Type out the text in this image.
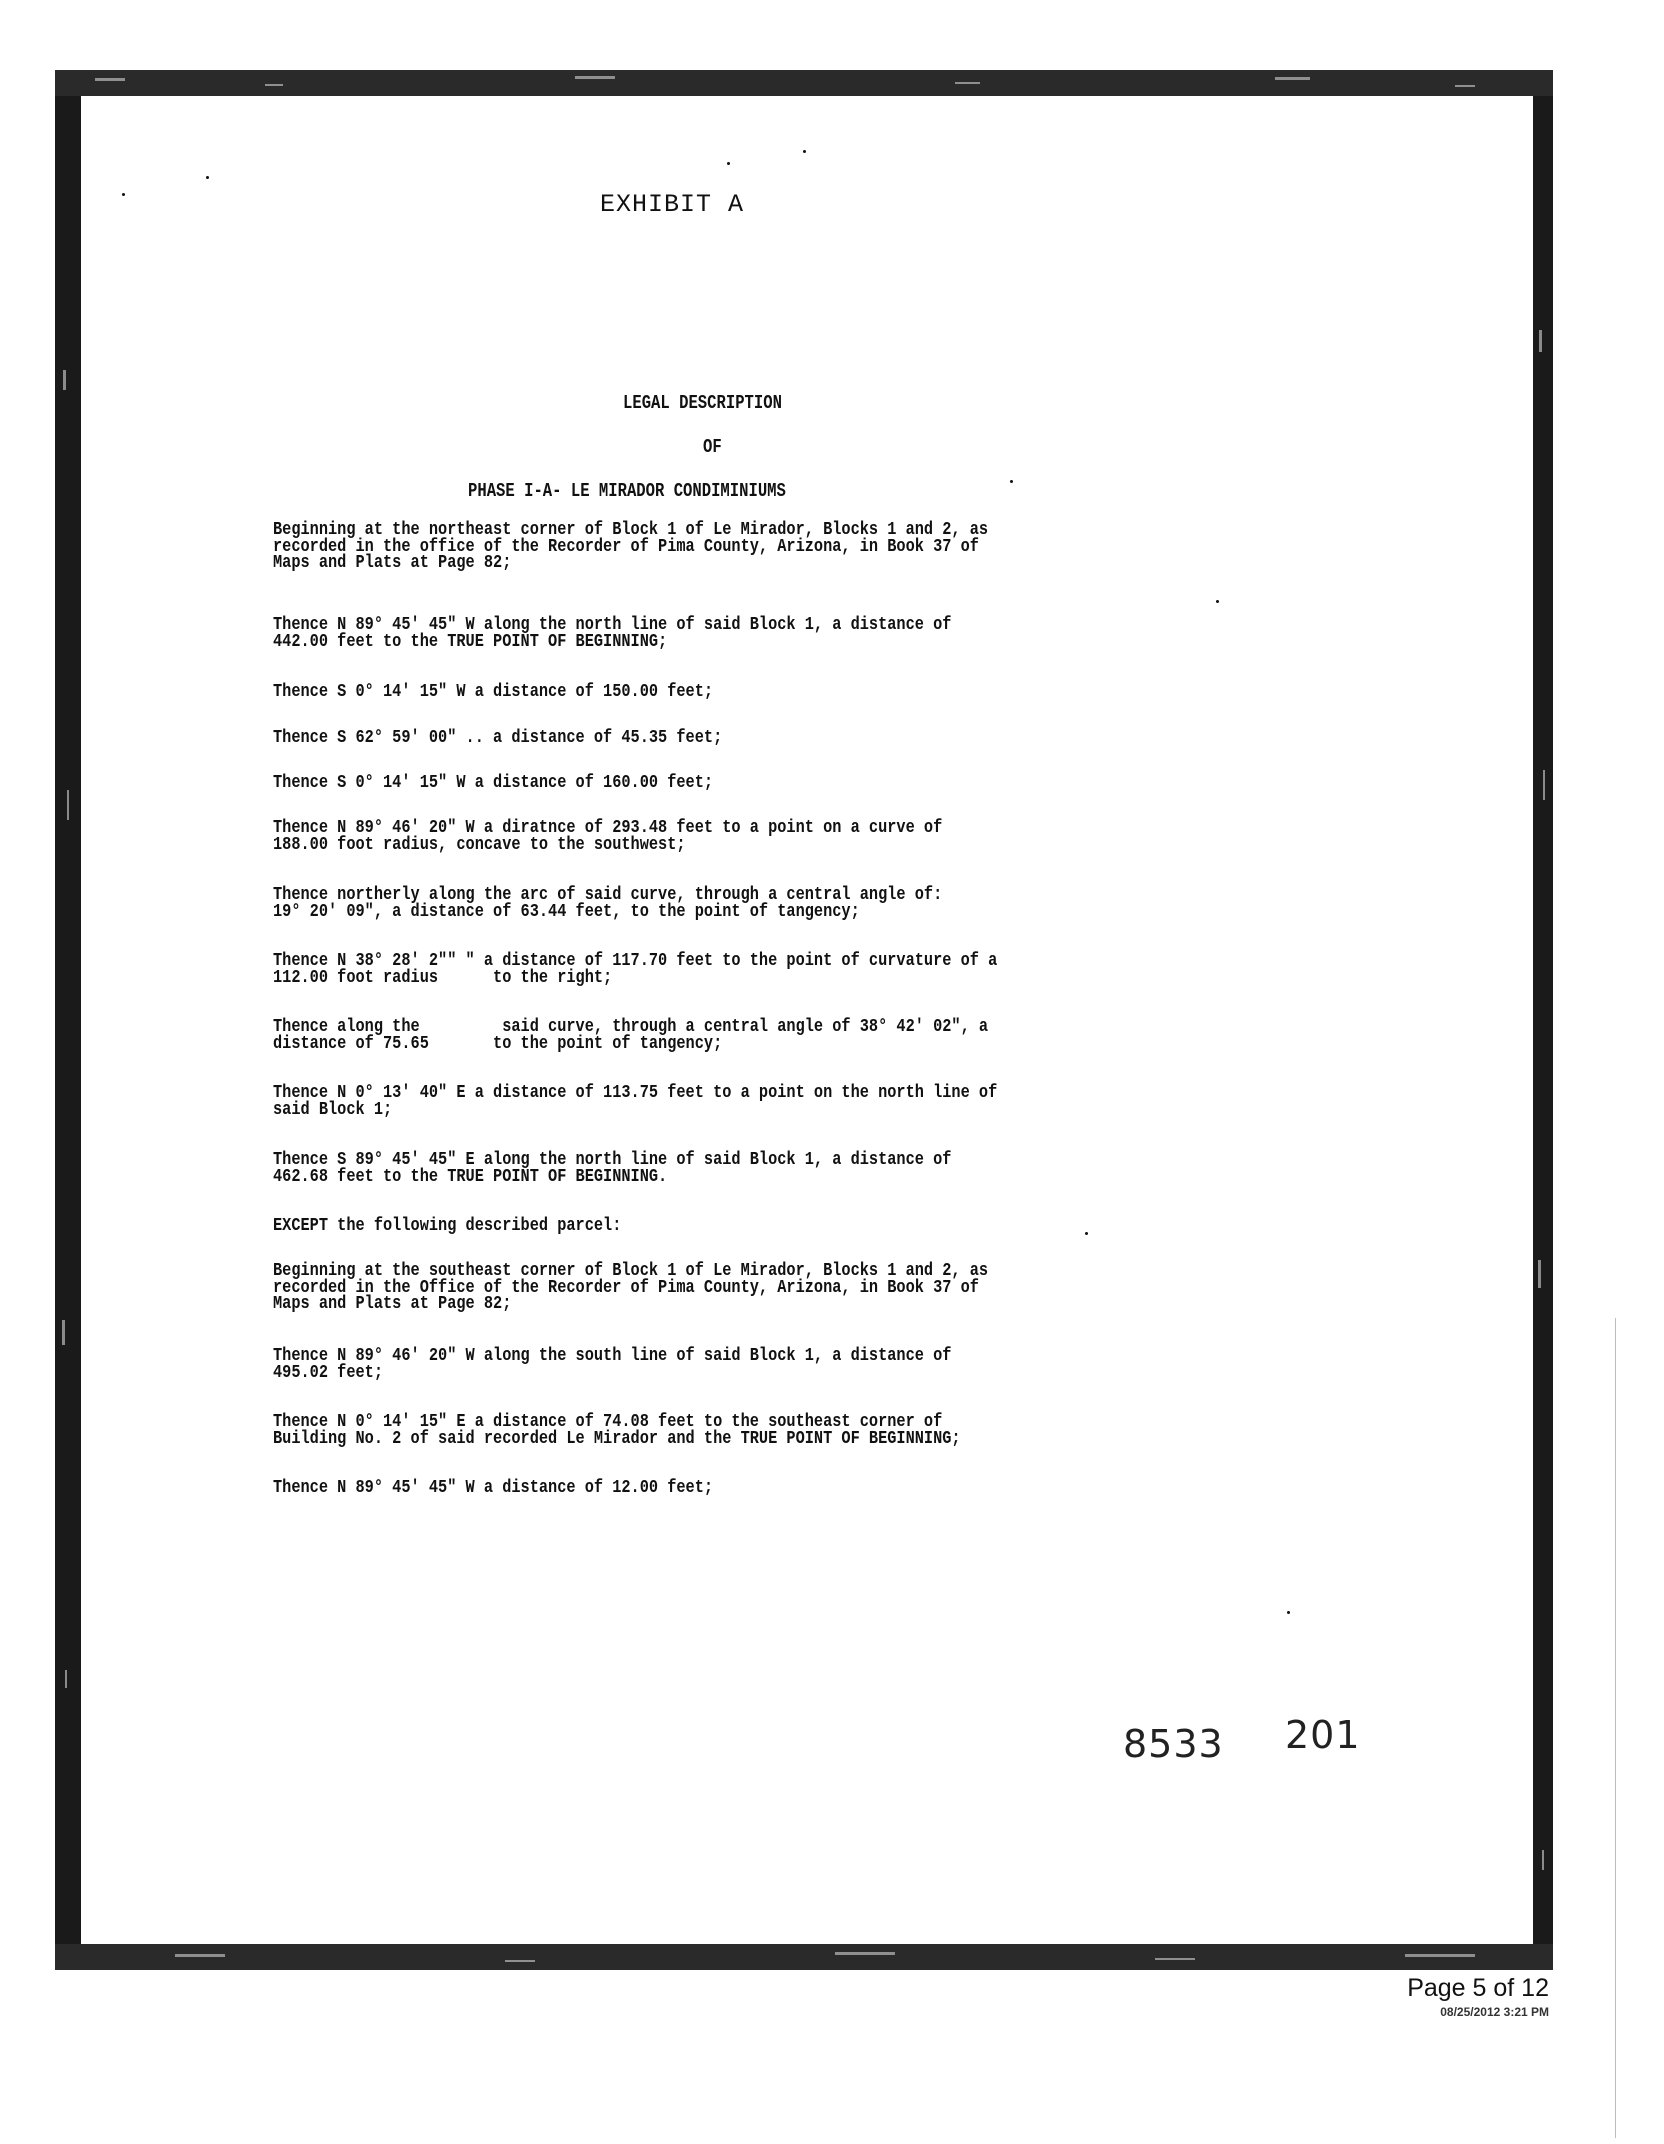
EXHIBIT A
LEGAL DESCRIPTION
OF
PHASE I-A- LE MIRADOR CONDIMINIUMS

Beginning at the northeast corner of Block 1 of Le Mirador, Blocks 1 and 2, as
recorded in the office of the Recorder of Pima County, Arizona, in Book 37 of
Maps and Plats at Page 82;

Thence N 89° 45' 45" W along the north line of said Block 1, a distance of
442.00 feet to the TRUE POINT OF BEGINNING;

Thence S 0° 14' 15" W a distance of 150.00 feet;

Thence S 62° 59' 00" .. a distance of 45.35 feet;

Thence S 0° 14' 15" W a distance of 160.00 feet;

Thence N 89° 46' 20" W a diratnce of 293.48 feet to a point on a curve of
188.00 foot radius, concave to the southwest;

Thence northerly along the arc of said curve, through a central angle of:
19° 20' 09", a distance of 63.44 feet, to the point of tangency;

Thence N 38° 28' 2"" " a distance of 117.70 feet to the point of curvature of a
112.00 foot radius      to the right;

Thence along the         said curve, through a central angle of 38° 42' 02", a
distance of 75.65       to the point of tangency;

Thence N 0° 13' 40" E a distance of 113.75 feet to a point on the north line of
said Block 1;

Thence S 89° 45' 45" E along the north line of said Block 1, a distance of
462.68 feet to the TRUE POINT OF BEGINNING.

EXCEPT the following described parcel:

Beginning at the southeast corner of Block 1 of Le Mirador, Blocks 1 and 2, as
recorded in the Office of the Recorder of Pima County, Arizona, in Book 37 of
Maps and Plats at Page 82;

Thence N 89° 46' 20" W along the south line of said Block 1, a distance of
495.02 feet;

Thence N 0° 14' 15" E a distance of 74.08 feet to the southeast corner of
Building No. 2 of said recorded Le Mirador and the TRUE POINT OF BEGINNING;

Thence N 89° 45' 45" W a distance of 12.00 feet;

8533 201
Page 5 of 12
08/25/2012 3:21 PM
